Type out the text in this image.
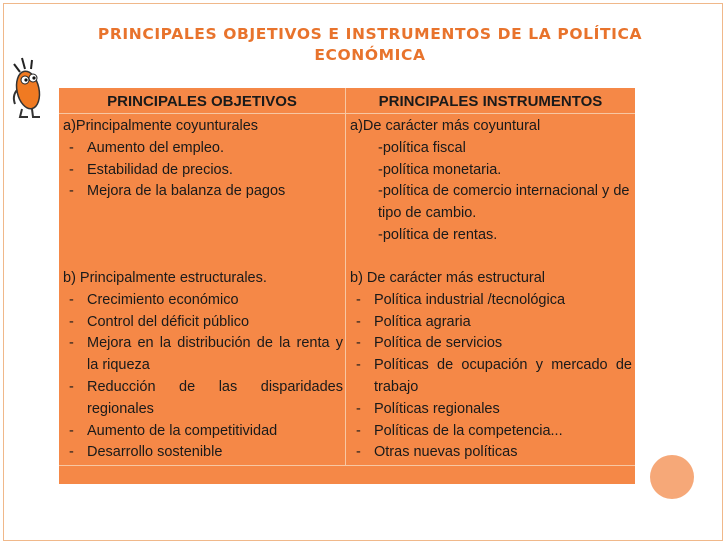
PRINCIPALES OBJETIVOS E INSTRUMENTOS DE LA POLÍTICA
ECONÓMICA
PRINCIPALES OBJETIVOS	PRINCIPALES INSTRUMENTOS

a)Principalmente coyunturales

- Aumento del empleo.

- Estabilidad de precios.

- Mejora de la balanza de pagos

b) Principalmente estructurales.

- Crecimiento económico

- Control del déficit público

- Mejora en la distribución de la renta y la riqueza

- Reducción de las disparidades regionales

- Aumento de la competitividad

- Desarrollo sostenible

a)De carácter más coyuntural

-política fiscal

-política monetaria.

-política de comercio internacional y de tipo de cambio.

-política de rentas.

b) De carácter más estructural

- Política industrial /tecnológica

- Política agraria

- Política de servicios

- Políticas de ocupación y mercado de trabajo

- Políticas regionales

- Políticas de la competencia...

- Otras nuevas políticas
